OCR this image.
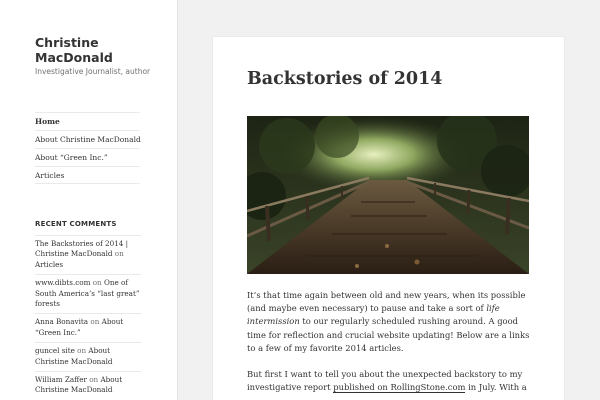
Christine MacDonald
Investigative Journalist, author
Home
About Christine MacDonald
About “Green Inc.”
Articles
RECENT COMMENTS
The Backstories of 2014 | Christine MacDonald on Articles
www.dibts.com on One of South America’s “last great” forests
Anna Bonavita on About “Green Inc.”
guncel site on About Christine MacDonald
William Zaffer on About Christine MacDonald
Backstories of 2014

It’s that time again between old and new years, when its possible (and maybe even necessary) to pause and take a sort of life intermission to our regularly scheduled rushing around. A good time for reflection and crucial website updating! Below are a links to a few of my favorite 2014 articles.

But first I want to tell you about the unexpected backstory to my investigative report published on RollingStone.com in July. With a
